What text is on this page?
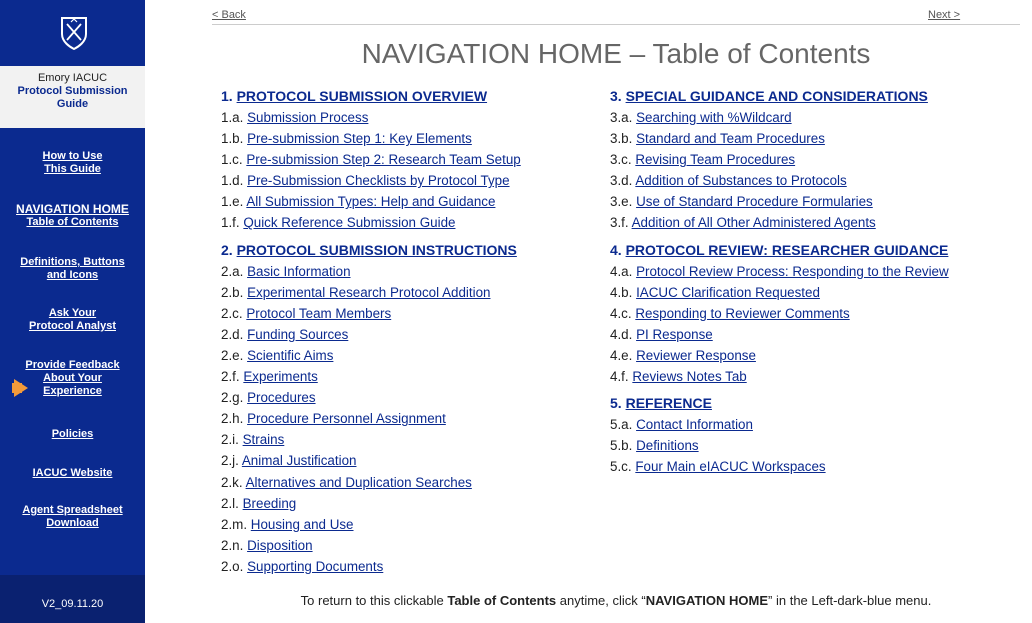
Emory IACUC
Protocol Submission Guide
How to Use
This Guide
NAVIGATION HOME
Table of Contents
Definitions, Buttons
and Icons
Ask Your
Protocol Analyst
Provide Feedback
About Your
Experience
Policies
IACUC Website
Agent Spreadsheet
Download
V2_09.11.20
< Back	Next >
NAVIGATION HOME – Table of Contents
1. PROTOCOL SUBMISSION OVERVIEW
1.a. Submission Process
1.b. Pre-submission Step 1: Key Elements
1.c. Pre-submission Step 2: Research Team Setup
1.d. Pre-Submission Checklists by Protocol Type
1.e. All Submission Types: Help and Guidance
1.f. Quick Reference Submission Guide
2. PROTOCOL SUBMISSION INSTRUCTIONS
2.a. Basic Information
2.b. Experimental Research Protocol Addition
2.c. Protocol Team Members
2.d. Funding Sources
2.e. Scientific Aims
2.f. Experiments
2.g. Procedures
2.h. Procedure Personnel Assignment
2.i. Strains
2.j. Animal Justification
2.k. Alternatives and Duplication Searches
2.l. Breeding
2.m. Housing and Use
2.n. Disposition
2.o. Supporting Documents
3. SPECIAL GUIDANCE AND CONSIDERATIONS
3.a. Searching with %Wildcard
3.b. Standard and Team Procedures
3.c. Revising Team Procedures
3.d. Addition of Substances to Protocols
3.e. Use of Standard Procedure Formularies
3.f. Addition of All Other Administered Agents
4. PROTOCOL REVIEW: RESEARCHER GUIDANCE
4.a. Protocol Review Process: Responding to the Review
4.b. IACUC Clarification Requested
4.c. Responding to Reviewer Comments
4.d. PI Response
4.e. Reviewer Response
4.f. Reviews Notes Tab
5. REFERENCE
5.a. Contact Information
5.b. Definitions
5.c. Four Main eIACUC Workspaces
To return to this clickable Table of Contents anytime, click “NAVIGATION HOME” in the Left-dark-blue menu.
